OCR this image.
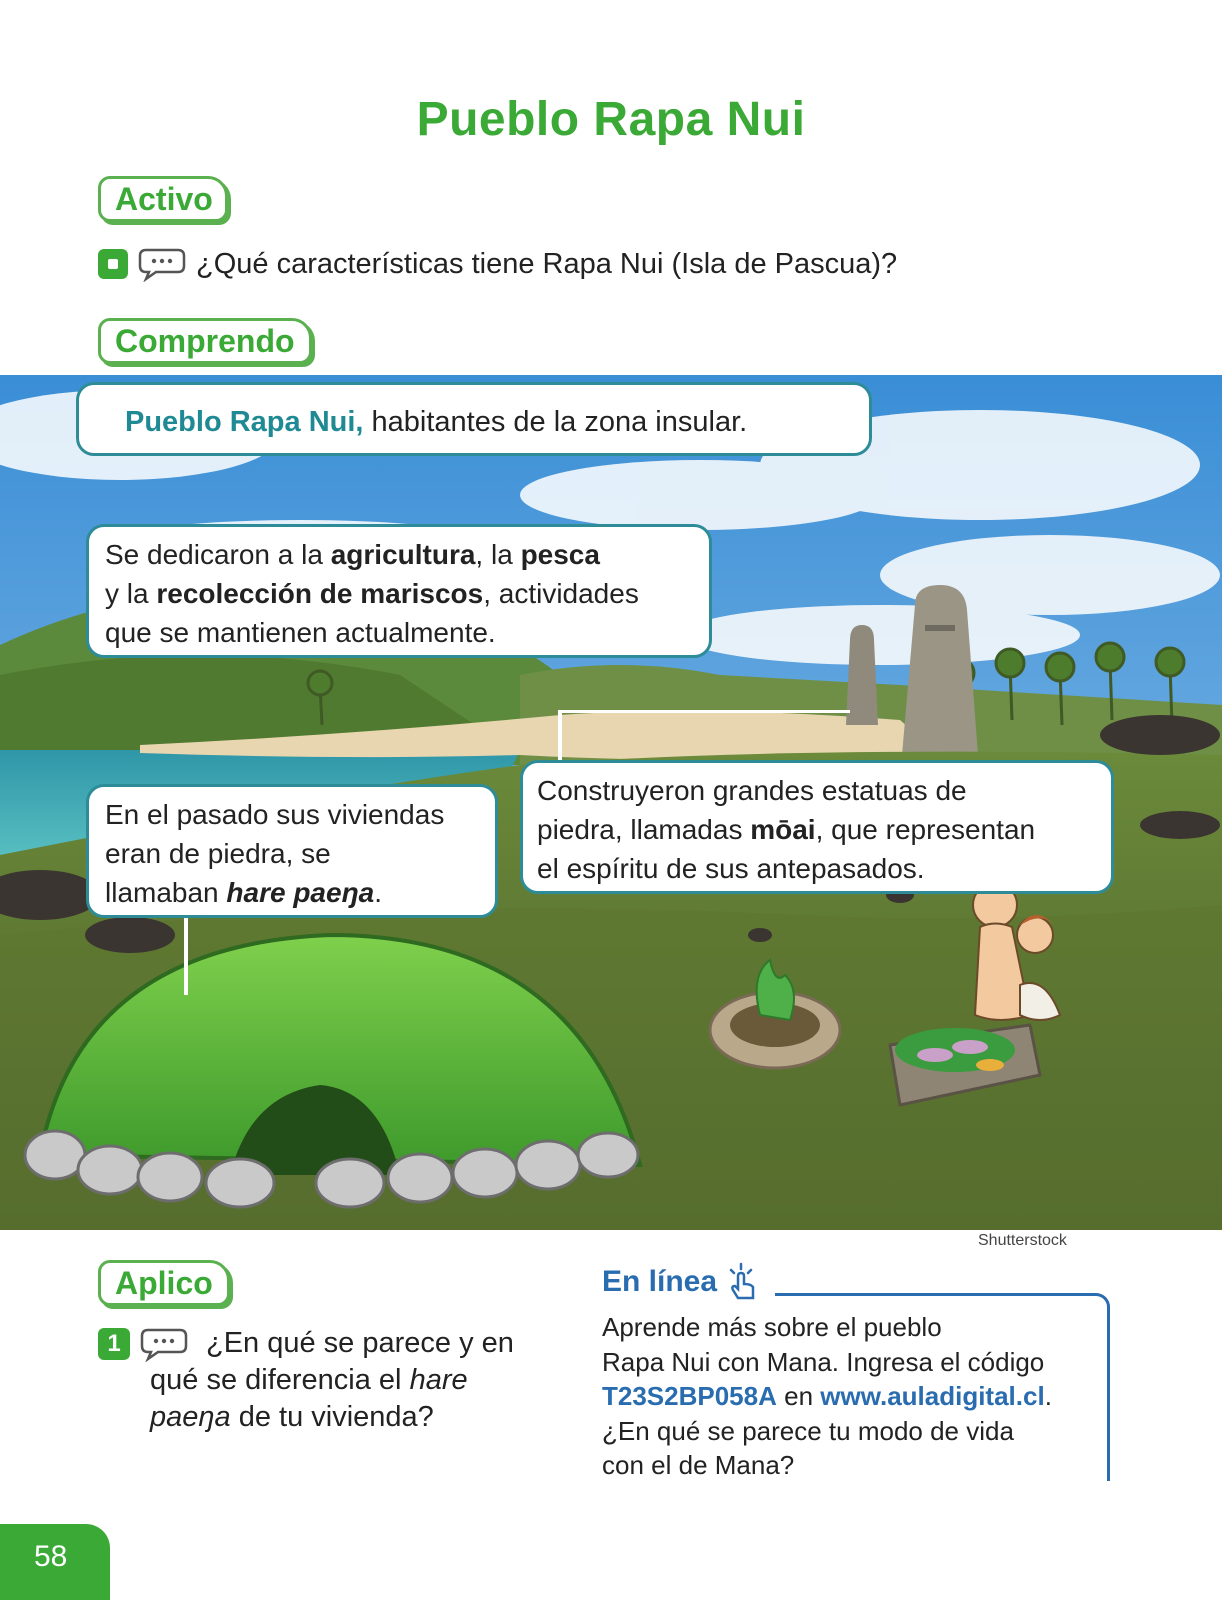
Pueblo Rapa Nui
Activo
¿Qué características tiene Rapa Nui (Isla de Pascua)?
Comprendo
Pueblo Rapa Nui, habitantes de la zona insular.
Se dedicaron a la agricultura, la pesca
y la recolección de mariscos, actividades
que se mantienen actualmente.
En el pasado sus viviendas
eran de piedra, se
llamaban hare paeŋa.
Construyeron grandes estatuas de
piedra, llamadas mōai, que representan
el espíritu de sus antepasados.
Shutterstock
Aplico
1	¿En qué se parece y en
qué se diferencia el hare
paeŋa de tu vivienda?
En línea
Aprende más sobre el pueblo
Rapa Nui con Mana. Ingresa el código
T23S2BP058A en www.auladigital.cl.
¿En qué se parece tu modo de vida
con el de Mana?
58
